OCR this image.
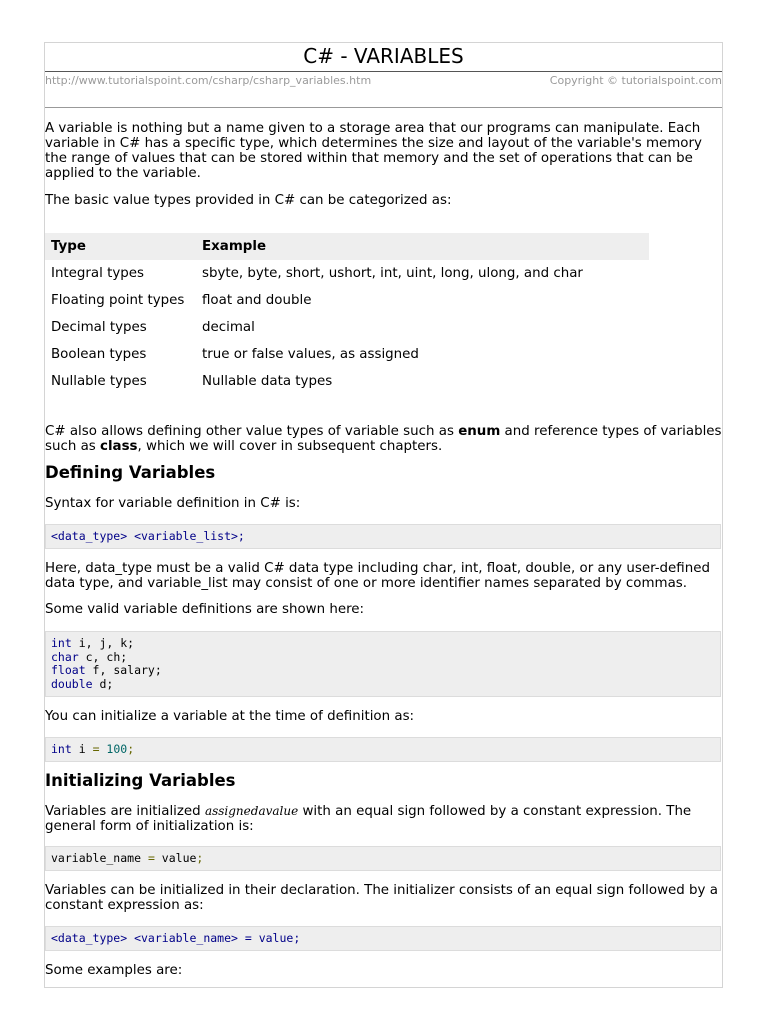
C# - VARIABLES
http://www.tutorialspoint.com/csharp/csharp_variables.htm	Copyright © tutorialspoint.com

A variable is nothing but a name given to a storage area that our programs can manipulate. Each variable in C# has a specific type, which determines the size and layout of the variable's memory the range of values that can be stored within that memory and the set of operations that can be applied to the variable.

The basic value types provided in C# can be categorized as:

Type	Example
Integral types	sbyte, byte, short, ushort, int, uint, long, ulong, and char
Floating point types	float and double
Decimal types	decimal
Boolean types	true or false values, as assigned
Nullable types	Nullable data types

C# also allows defining other value types of variable such as enum and reference types of variables such as class, which we will cover in subsequent chapters.

Defining Variables

Syntax for variable definition in C# is:

<data_type> <variable_list>;

Here, data_type must be a valid C# data type including char, int, float, double, or any user-defined data type, and variable_list may consist of one or more identifier names separated by commas.

Some valid variable definitions are shown here:

int i, j, k;
char c, ch;
float f, salary;
double d;

You can initialize a variable at the time of definition as:

int i = 100;
Initializing Variables

Variables are initialized assignedavalue with an equal sign followed by a constant expression. The general form of initialization is:

variable_name = value;

Variables can be initialized in their declaration. The initializer consists of an equal sign followed by a constant expression as:

<data_type> <variable_name> = value;

Some examples are:
